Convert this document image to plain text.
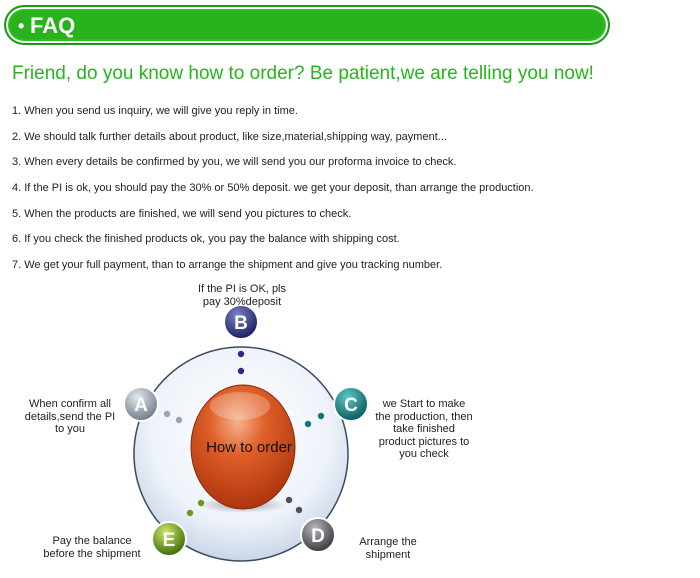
• FAQ
Friend, do you know how to order? Be patient,we are telling you now!
1. When you send us inquiry, we will give you reply in time.
2. We should talk further details about product, like size,material,shipping way, payment...
3. When every details be confirmed by you, we will send you our proforma invoice to check.
4. If the PI is ok, you should pay the 30% or 50% deposit. we get your deposit, than arrange the production.
5. When the products are finished, we will send you pictures to check.
6. If you check the finished products ok, you pay the balance with shipping cost.
7. We get your full payment, than to arrange the shipment and give you tracking number.
A
B
C
D
E
How to order
If the PI is OK, pls
pay 30%deposit
When confirm all
details,send the PI
to you
we Start to make
the production, then
take finished
product pictures to
you check
Arrange the
shipment
Pay the balance
before the shipment
